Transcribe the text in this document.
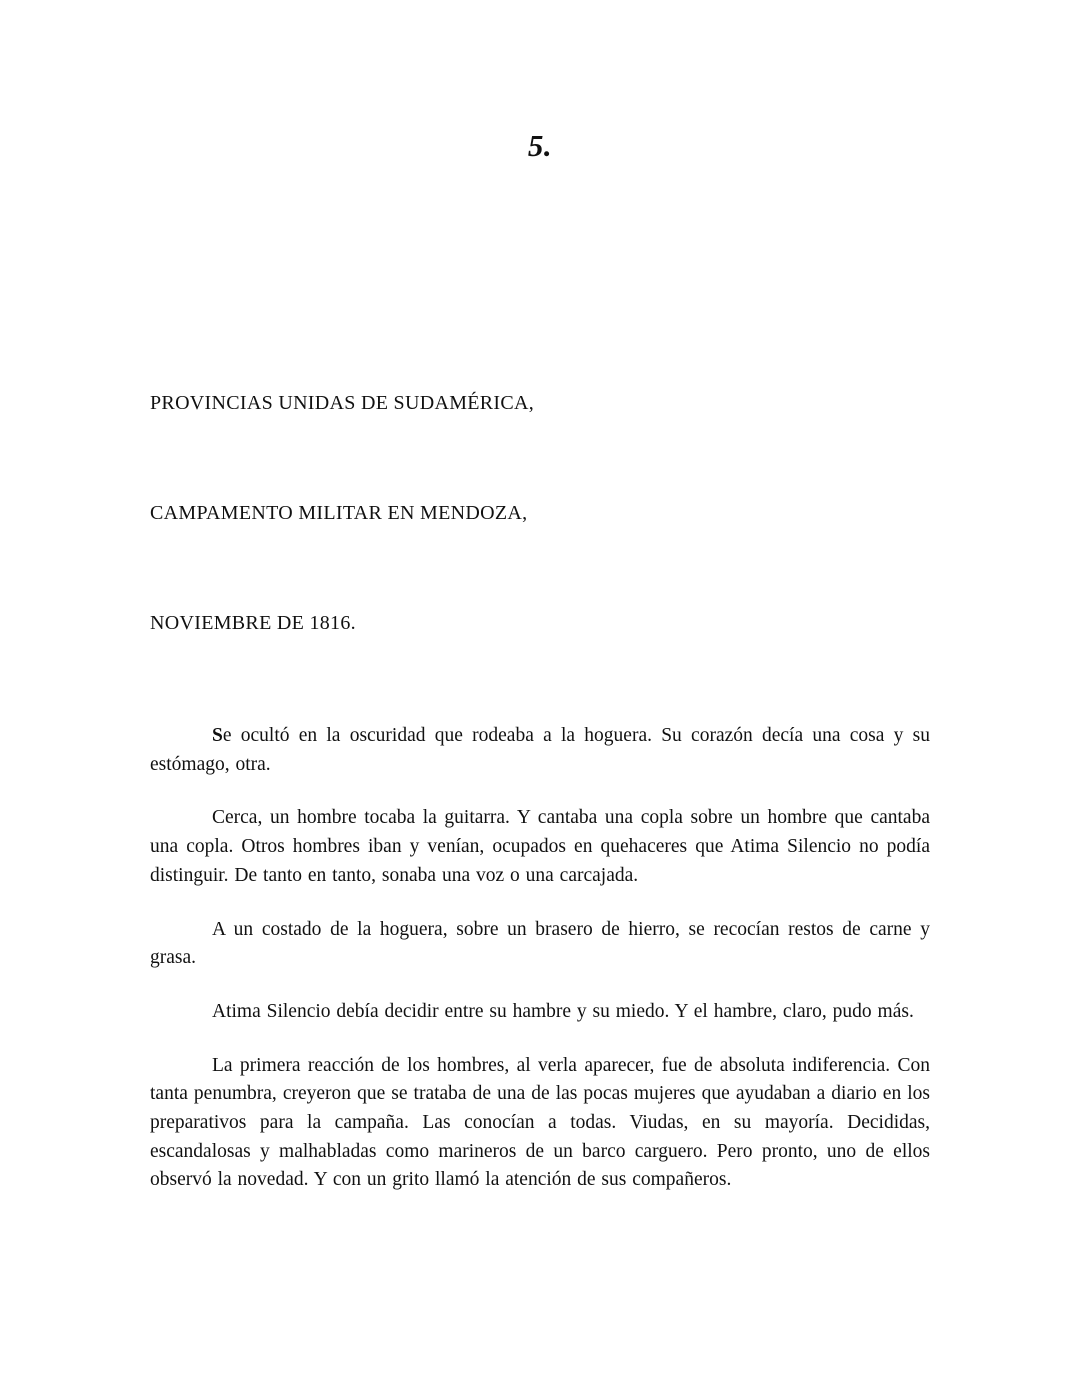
5.

PROVINCIAS UNIDAS DE SUDAMÉRICA,

CAMPAMENTO MILITAR EN MENDOZA,

NOVIEMBRE DE 1816.

Se ocultó en la oscuridad que rodeaba a la hoguera. Su corazón decía una cosa y su estómago, otra.

Cerca, un hombre tocaba la guitarra. Y cantaba una copla sobre un hombre que cantaba una copla. Otros hombres iban y venían, ocupados en quehaceres que Atima Silencio no podía distinguir. De tanto en tanto, sonaba una voz o una carcajada.

A un costado de la hoguera, sobre un brasero de hierro, se recocían restos de carne y grasa.

Atima Silencio debía decidir entre su hambre y su miedo. Y el hambre, claro, pudo más.

La primera reacción de los hombres, al verla aparecer, fue de absoluta indiferencia. Con tanta penumbra, creyeron que se trataba de una de las pocas mujeres que ayudaban a diario en los preparativos para la campaña. Las conocían a todas. Viudas, en su mayoría. Decididas, escandalosas y malhabladas como marineros de un barco carguero. Pero pronto, uno de ellos observó la novedad. Y con un grito llamó la atención de sus compañeros.
